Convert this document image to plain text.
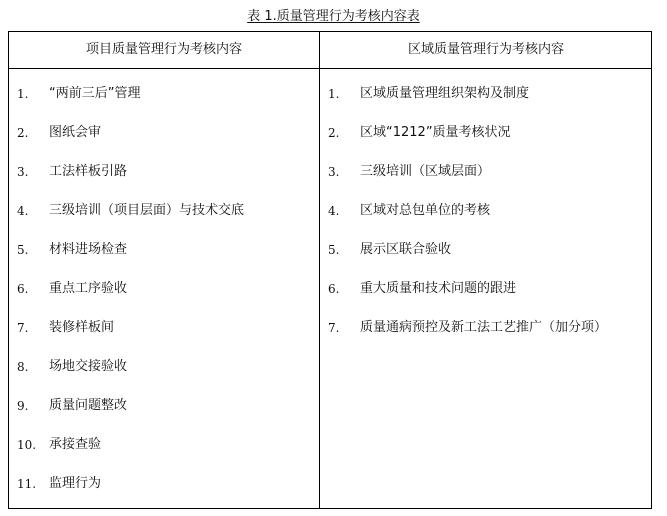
表 1.质量管理行为考核内容表
项目质量管理行为考核内容	区域质量管理行为考核内容
1. “两前三后”管理
2. 图纸会审
3. 工法样板引路
4. 三级培训（项目层面）与技术交底
5. 材料进场检查
6. 重点工序验收
7. 装修样板间
8. 场地交接验收
9. 质量问题整改
10. 承接查验
11. 监理行为
1. 区域质量管理组织架构及制度
2. 区域“1212”质量考核状况
3. 三级培训（区域层面）
4. 区域对总包单位的考核
5. 展示区联合验收
6. 重大质量和技术问题的跟进
7. 质量通病预控及新工法工艺推广（加分项）
